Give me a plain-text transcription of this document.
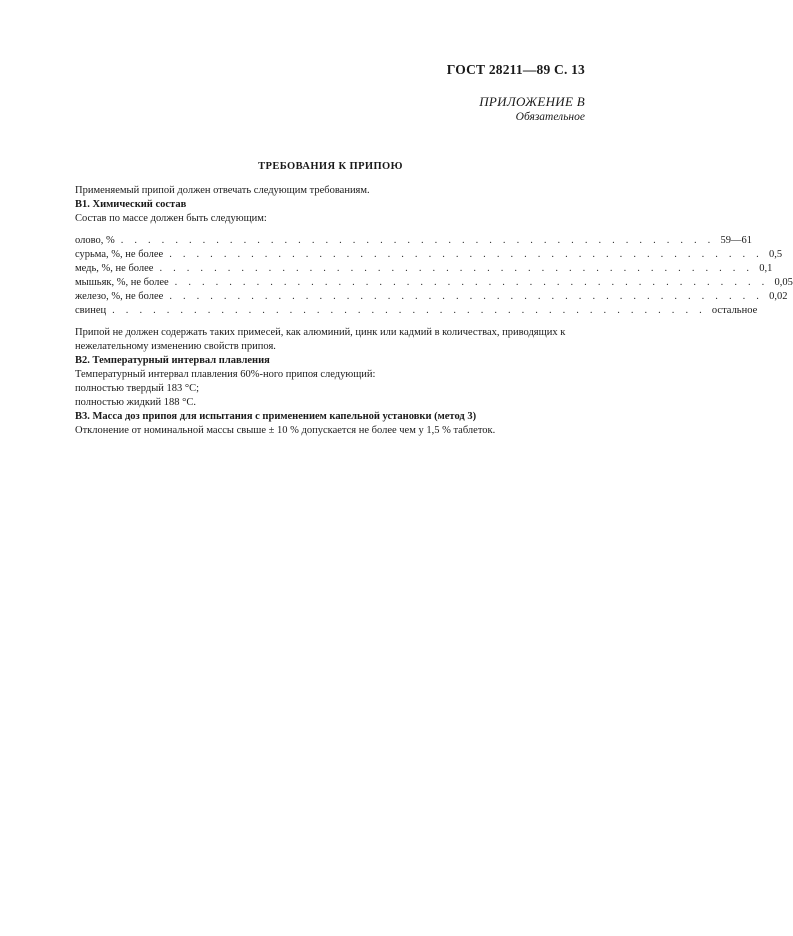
ГОСТ 28211—89 С. 13
ПРИЛОЖЕНИЕ В
Обязательное
ТРЕБОВАНИЯ К ПРИПОЮ

Применяемый припой должен отвечать следующим требованиям.

В1. Химический состав

Состав по массе должен быть следующим:

олово, % . . . . . . . . . . . . . . . . . . . . . . . . . . . . . . . . . . . . . . . . . . . . 59—61
сурьма, %, не более . . . . . . . . . . . . . . . . . . . . . . . . . . . . . . . . . . . . . . . . . . . . 0,5
медь, %, не более . . . . . . . . . . . . . . . . . . . . . . . . . . . . . . . . . . . . . . . . . . . . 0,1
мышьяк, %, не более . . . . . . . . . . . . . . . . . . . . . . . . . . . . . . . . . . . . . . . . . . . . 0,05
железо, %, не более . . . . . . . . . . . . . . . . . . . . . . . . . . . . . . . . . . . . . . . . . . . . 0,02
свинец . . . . . . . . . . . . . . . . . . . . . . . . . . . . . . . . . . . . . . . . . . . . остальное

Припой не должен содержать таких примесей, как алюминий, цинк или кадмий в количествах, приводящих к нежелательному изменению свойств припоя.

В2. Температурный интервал плавления

Температурный интервал плавления 60%-ного припоя следующий:

полностью твердый 183 °С;

полностью жидкий 188 °С.

В3. Масса доз припоя для испытания с применением капельной установки (метод 3)

Отклонение от номинальной массы свыше ± 10 % допускается не более чем у 1,5 % таблеток.
